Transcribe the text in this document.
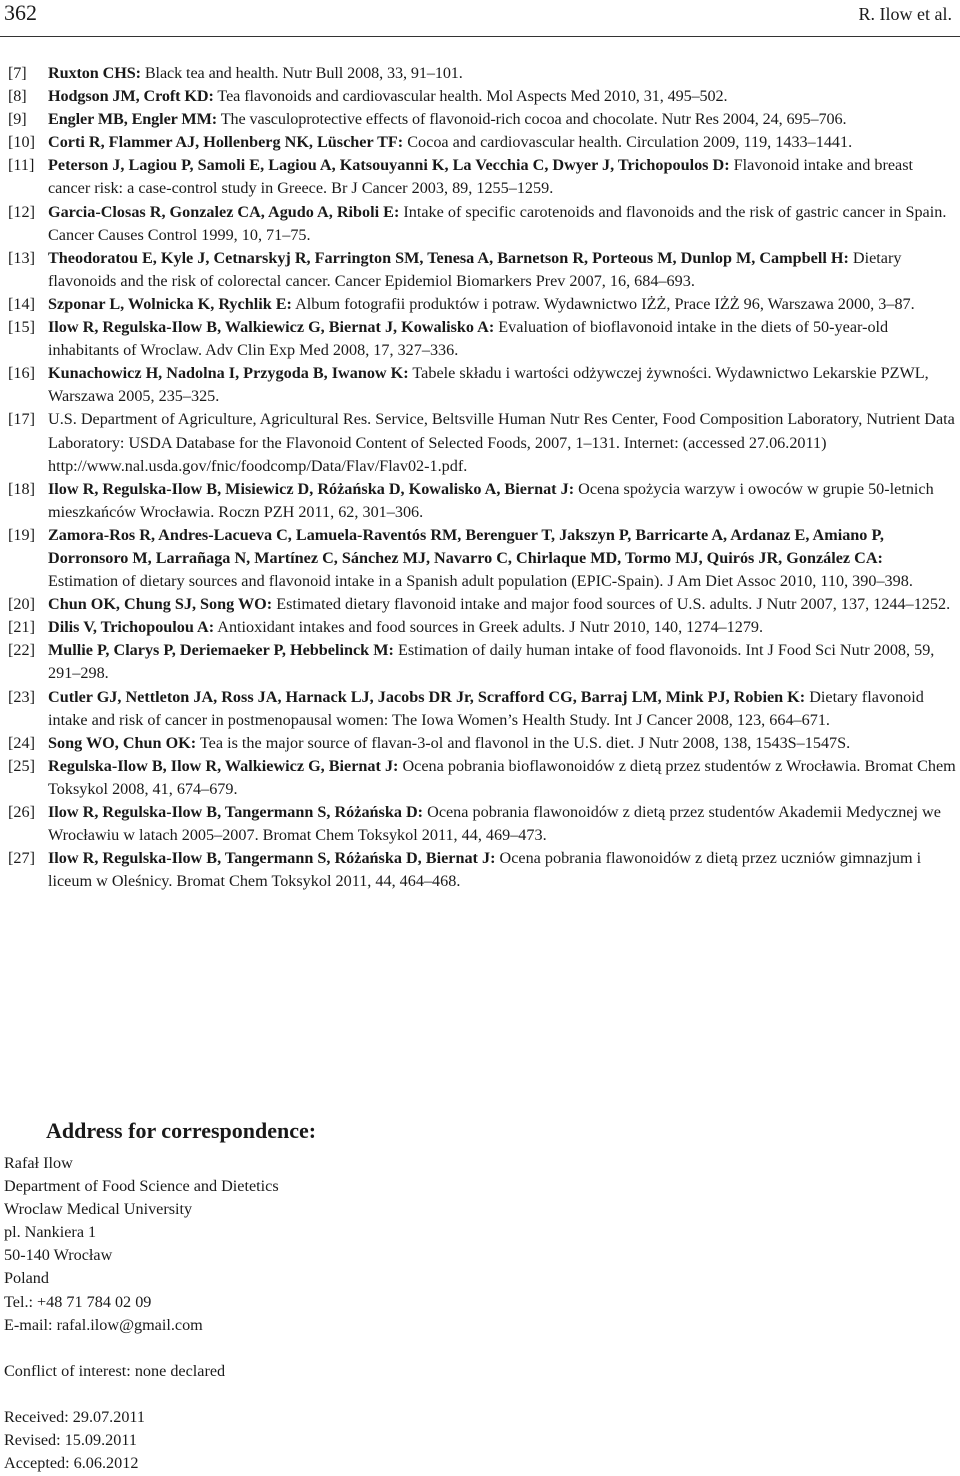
362	R. Ilow et al.

[7]	Ruxton CHS: Black tea and health. Nutr Bull 2008, 33, 91–101.

[8]	Hodgson JM, Croft KD: Tea flavonoids and cardiovascular health. Mol Aspects Med 2010, 31, 495–502.

[9]	Engler MB, Engler MM: The vasculoprotective effects of flavonoid-rich cocoa and chocolate. Nutr Res 2004, 24, 695–706.

[10] Corti R, Flammer AJ, Hollenberg NK, Lüscher TF: Cocoa and cardiovascular health. Circulation 2009, 119, 1433–1441.

[11] Peterson J, Lagiou P, Samoli E, Lagiou A, Katsouyanni K, La Vecchia C, Dwyer J, Trichopoulos D: Flavonoid intake and breast cancer risk: a case-control study in Greece. Br J Cancer 2003, 89, 1255–1259.

[12] Garcia-Closas R, Gonzalez CA, Agudo A, Riboli E: Intake of specific carotenoids and flavonoids and the risk of gastric cancer in Spain. Cancer Causes Control 1999, 10, 71–75.

[13] Theodoratou E, Kyle J, Cetnarskyj R, Farrington SM, Tenesa A, Barnetson R, Porteous M, Dunlop M, Campbell H: Dietary flavonoids and the risk of colorectal cancer. Cancer Epidemiol Biomarkers Prev 2007, 16, 684–693.

[14] Szponar L, Wolnicka K, Rychlik E: Album fotografii produktów i potraw. Wydawnictwo IŻŻ, Prace IŻŻ 96, Warszawa 2000, 3–87.

[15] Ilow R, Regulska-Ilow B, Walkiewicz G, Biernat J, Kowalisko A: Evaluation of bioflavonoid intake in the diets of 50-year-old inhabitants of Wroclaw. Adv Clin Exp Med 2008, 17, 327–336.

[16] Kunachowicz H, Nadolna I, Przygoda B, Iwanow K: Tabele składu i wartości odżywczej żywności. Wydawnictwo Lekarskie PZWL, Warszawa 2005, 235–325.

[17] U.S. Department of Agriculture, Agricultural Res. Service, Beltsville Human Nutr Res Center, Food Composition Laboratory, Nutrient Data Laboratory: USDA Database for the Flavonoid Content of Selected Foods, 2007, 1–131. Internet: (accessed 27.06.2011) http://www.nal.usda.gov/fnic/foodcomp/Data/Flav/Flav02-1.pdf.

[18] Ilow R, Regulska-Ilow B, Misiewicz D, Różańska D, Kowalisko A, Biernat J: Ocena spożycia warzyw i owoców w grupie 50-letnich mieszkańców Wrocławia. Roczn PZH 2011, 62, 301–306.

[19] Zamora-Ros R, Andres-Lacueva C, Lamuela-Raventós RM, Berenguer T, Jakszyn P, Barricarte A, Ardanaz E, Amiano P, Dorronsoro M, Larrañaga N, Martínez C, Sánchez MJ, Navarro C, Chirlaque MD, Tormo MJ, Quirós JR, González CA: Estimation of dietary sources and flavonoid intake in a Spanish adult population (EPIC-Spain). J Am Diet Assoc 2010, 110, 390–398.

[20] Chun OK, Chung SJ, Song WO: Estimated dietary flavonoid intake and major food sources of U.S. adults. J Nutr 2007, 137, 1244–1252.

[21] Dilis V, Trichopoulou A: Antioxidant intakes and food sources in Greek adults. J Nutr 2010, 140, 1274–1279.

[22] Mullie P, Clarys P, Deriemaeker P, Hebbelinck M: Estimation of daily human intake of food flavonoids. Int J Food Sci Nutr 2008, 59, 291–298.

[23] Cutler GJ, Nettleton JA, Ross JA, Harnack LJ, Jacobs DR Jr, Scrafford CG, Barraj LM, Mink PJ, Robien K: Dietary flavonoid intake and risk of cancer in postmenopausal women: The Iowa Women’s Health Study. Int J Cancer 2008, 123, 664–671.

[24] Song WO, Chun OK: Tea is the major source of flavan-3-ol and flavonol in the U.S. diet. J Nutr 2008, 138, 1543S–1547S.

[25] Regulska-Ilow B, Ilow R, Walkiewicz G, Biernat J: Ocena pobrania bioflawonoidów z dietą przez studentów z Wrocławia. Bromat Chem Toksykol 2008, 41, 674–679.

[26] Ilow R, Regulska-Ilow B, Tangermann S, Różańska D: Ocena pobrania flawonoidów z dietą przez studentów Akademii Medycznej we Wrocławiu w latach 2005–2007. Bromat Chem Toksykol 2011, 44, 469–473.

[27] Ilow R, Regulska-Ilow B, Tangermann S, Różańska D, Biernat J: Ocena pobrania flawonoidów z dietą przez uczniów gimnazjum i liceum w Oleśnicy. Bromat Chem Toksykol 2011, 44, 464–468.

Address for correspondence:
Rafał Ilow
Department of Food Science and Dietetics
Wroclaw Medical University
pl. Nankiera 1
50-140 Wrocław
Poland
Tel.: +48 71 784 02 09
E-mail: rafal.ilow@gmail.com
Conflict of interest: none declared
Received: 29.07.2011
Revised: 15.09.2011
Accepted: 6.06.2012
